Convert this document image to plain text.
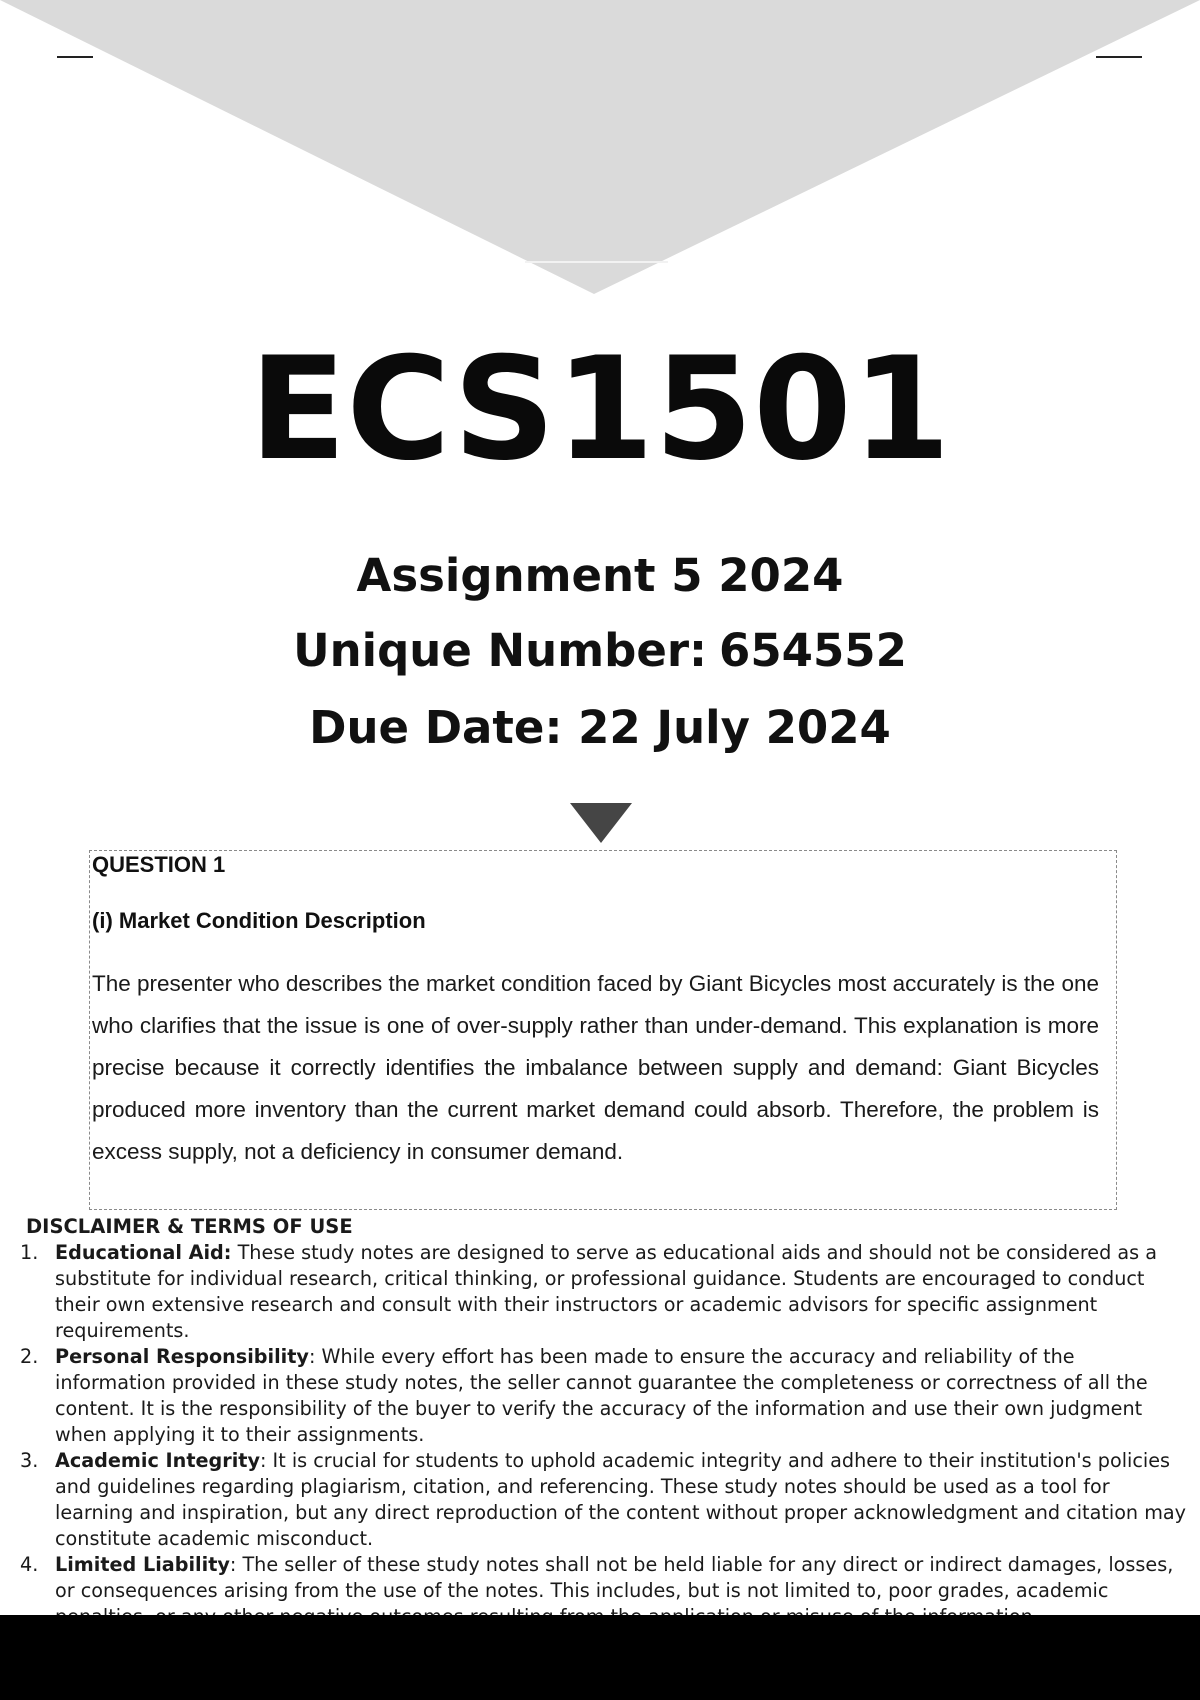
ECS1501
Assignment 5 2024
Unique Number: 654552
Due Date: 22 July 2024
QUESTION 1
(i) Market Condition Description
The presenter who describes the market condition faced by Giant Bicycles most accurately is the one who clarifies that the issue is one of over-supply rather than under-demand. This explanation is more precise because it correctly identifies the imbalance between supply and demand: Giant Bicycles produced more inventory than the current market demand could absorb. Therefore, the problem is excess supply, not a deficiency in consumer demand.
DISCLAIMER & TERMS OF USE
1. Educational Aid: These study notes are designed to serve as educational aids and should not be considered as a substitute for individual research, critical thinking, or professional guidance. Students are encouraged to conduct their own extensive research and consult with their instructors or academic advisors for specific assignment requirements.
2. Personal Responsibility: While every effort has been made to ensure the accuracy and reliability of the information provided in these study notes, the seller cannot guarantee the completeness or correctness of all the content. It is the responsibility of the buyer to verify the accuracy of the information and use their own judgment when applying it to their assignments.
3. Academic Integrity: It is crucial for students to uphold academic integrity and adhere to their institution's policies and guidelines regarding plagiarism, citation, and referencing. These study notes should be used as a tool for learning and inspiration, but any direct reproduction of the content without proper acknowledgment and citation may constitute academic misconduct.
4. Limited Liability: The seller of these study notes shall not be held liable for any direct or indirect damages, losses, or consequences arising from the use of the notes. This includes, but is not limited to, poor grades, academic
